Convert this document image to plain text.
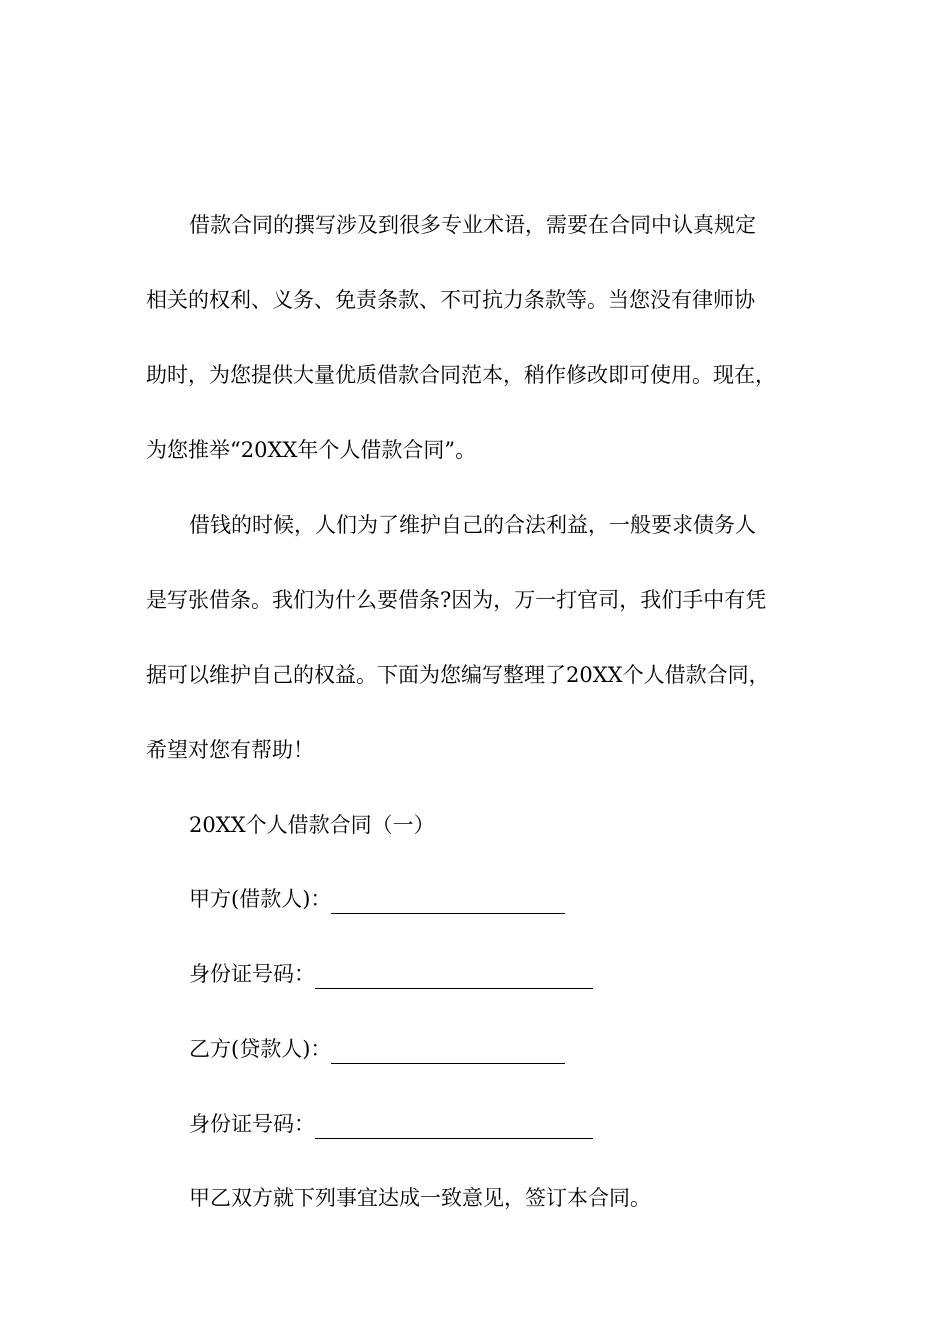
借款合同的撰写涉及到很多专业术语，需要在合同中认真规定
相关的权利、义务、免责条款、不可抗力条款等。当您没有律师协
助时，为您提供大量优质借款合同范本，稍作修改即可使用。现在，
为您推举“20XX年个人借款合同”。
借钱的时候，人们为了维护自己的合法利益，一般要求债务人
是写张借条。我们为什么要借条?因为，万一打官司，我们手中有凭
据可以维护自己的权益。下面为您编写整理了20XX个人借款合同，
希望对您有帮助！
20XX个人借款合同（一）
甲方(借款人)：
身份证号码：
乙方(贷款人)：
身份证号码：
甲乙双方就下列事宜达成一致意见，签订本合同。
